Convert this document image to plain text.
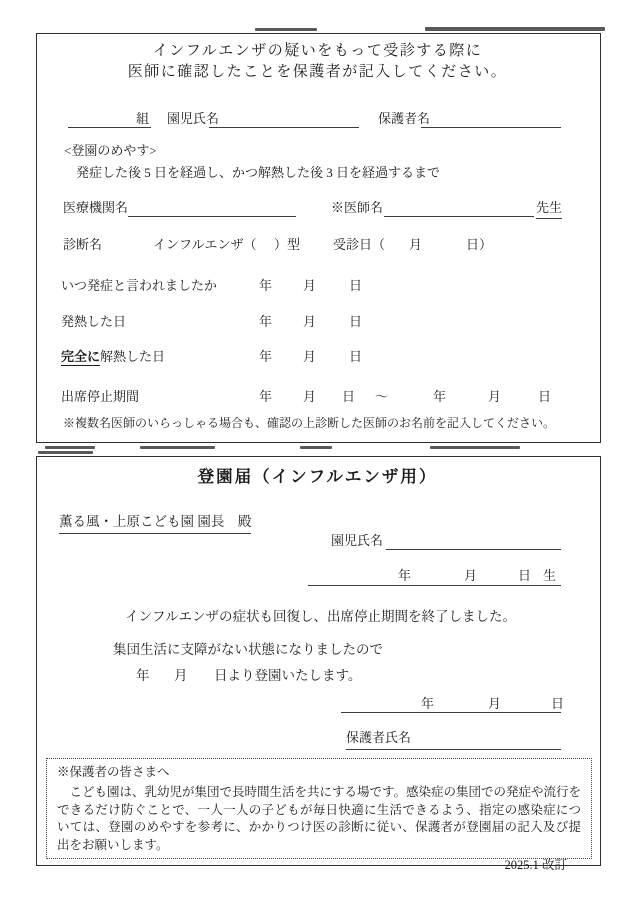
インフルエンザの疑いをもって受診する際に
医師に確認したことを保護者が記入してください。
組 園児氏名	保護者名
<登園のめやす>
発症した後 5 日を経過し、かつ解熱した後 3 日を経過するまで
医療機関名	※医師名	先生
診断名	インフルエンザ（ ）型	受診日（ 月	日）
いつ発症と言われましたか	年 月	日
発熱した日	年 月	日
完全に解熱した日	年 月	日
出席停止期間	年 月 日 ～	年	月	日
※複数名医師のいらっしゃる場合も、確認の上診断した医師のお名前を記入してください。
登園届（インフルエンザ用）
薫る風・上原こども園 園長　殿
園児氏名
年	月	日 生
インフルエンザの症状も回復し、出席停止期間を終了しました。
集団生活に支障がない状態になりましたので
年 月 日より登園いたします。
年	月	日
保護者氏名
※保護者の皆さまへ
　こども園は、乳幼児が集団で長時間生活を共にする場です。感染症の集団での発症や流行をできるだけ防ぐことで、一人一人の子どもが毎日快適に生活できるよう、指定の感染症については、登園のめやすを参考に、かかりつけ医の診断に従い、保護者が登園届の記入及び提出をお願いします。
2025.1 改訂
